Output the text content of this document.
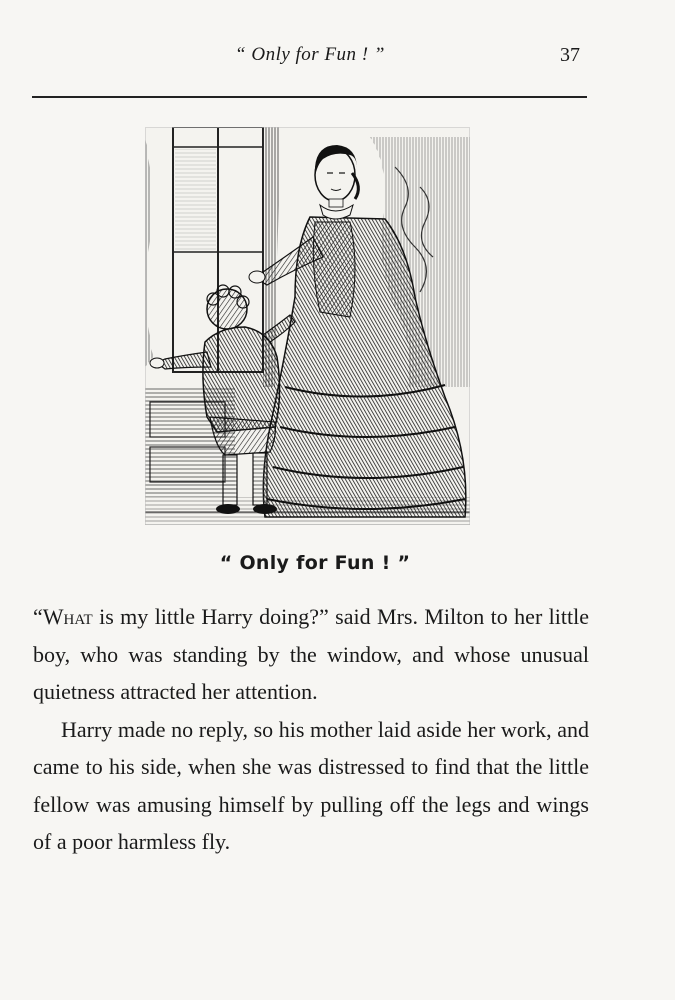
“ Only for Fun ! ”	37
“ Only for Fun ! ”

“What is my little Harry doing?” said Mrs. Milton to her little boy, who was standing by the window, and whose unusual quietness attracted her attention.

Harry made no reply, so his mother laid aside her work, and came to his side, when she was distressed to find that the little fellow was amusing himself by pulling off the legs and wings of a poor harmless fly.
